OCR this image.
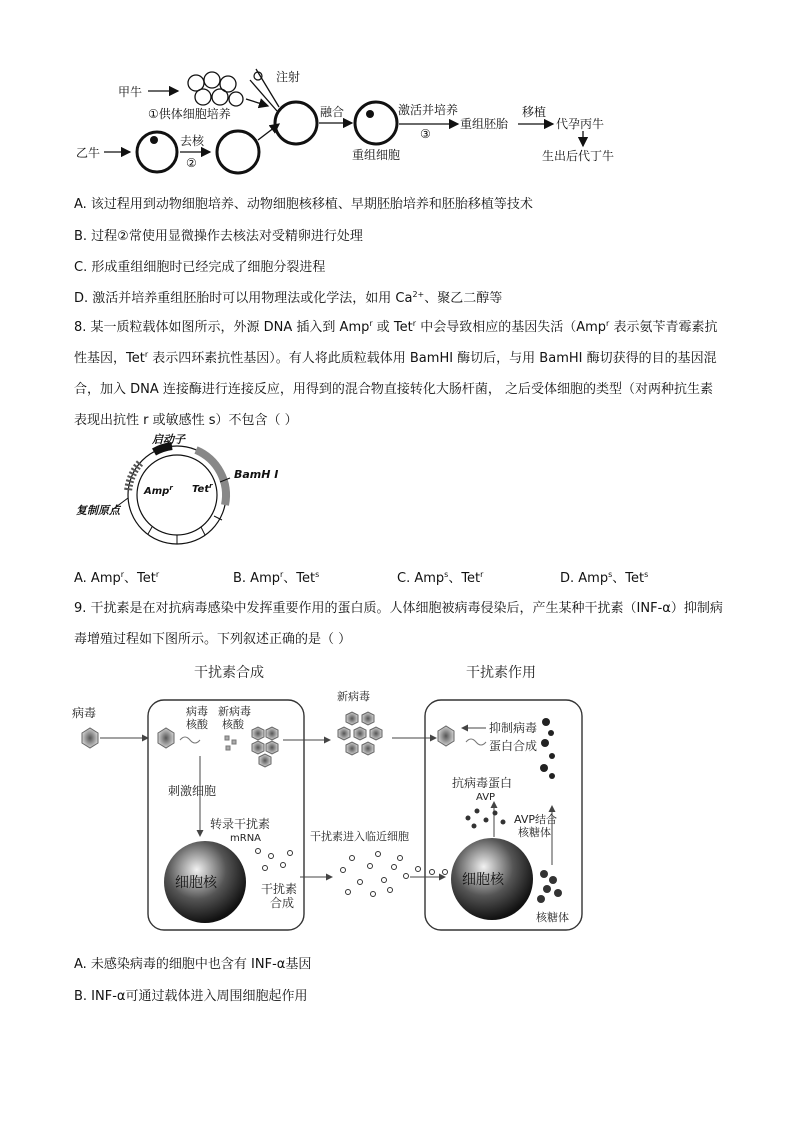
甲牛
乙牛
①供体细胞培养
去核
②
注射
融合
重组细胞
激活并培养
③
重组胚胎
移植
代孕丙牛
生出后代丁牛
A. 该过程用到动物细胞培养、动物细胞核移植、早期胚胎培养和胚胎移植等技术
B. 过程②常使用显微操作去核法对受精卵进行处理
C. 形成重组细胞时已经完成了细胞分裂进程
D. 激活并培养重组胚胎时可以用物理法或化学法，如用 $Ca^{2+}$、聚乙二醇等
8. 某一质粒载体如图所示，外源 DNA 插入到 Amp$^r$ 或 Tet$^r$ 中会导致相应的基因失活（Amp$^r$ 表示氨苄青霉素抗性基因，Tet$^r$ 表示四环素抗性基因）。有人将此质粒载体用 BamHI 酶切后，与用 BamHI 酶切获得的目的基因混合，加入 DNA 连接酶进行连接反应，用得到的混合物直接转化大肠杆菌， 之后受体细胞的类型（对两种抗生素表现出抗性 r 或敏感性 s）不包含（ ）
启动子
BamH I
Amp$^r$ Tet$^r$
复制原点
A. Amp$^r$、Tet$^r$	B. Amp$^r$、Tet$^s$	C. Amp$^s$、Tet$^r$	D. Amp$^s$、Tet$^s$
9. 干扰素是在对抗病毒感染中发挥重要作用的蛋白质。人体细胞被病毒侵染后，产生某种干扰素（INF-α）抑制病毒增殖过程如下图所示。下列叙述正确的是（ ）
干扰素合成	干扰素作用
病毒	病毒
核酸
新病毒
核酸
新病毒
刺激细胞
转录干扰素
mRNA
细胞核	干扰素
合成
干扰素进入临近细胞
细胞核
核糖体
AVP结合
核糖体
抗病毒蛋白
AVP
抑制病毒
蛋白合成
A. 未感染病毒的细胞中也含有 INF-α基因
B. INF-α可通过载体进入周围细胞起作用
